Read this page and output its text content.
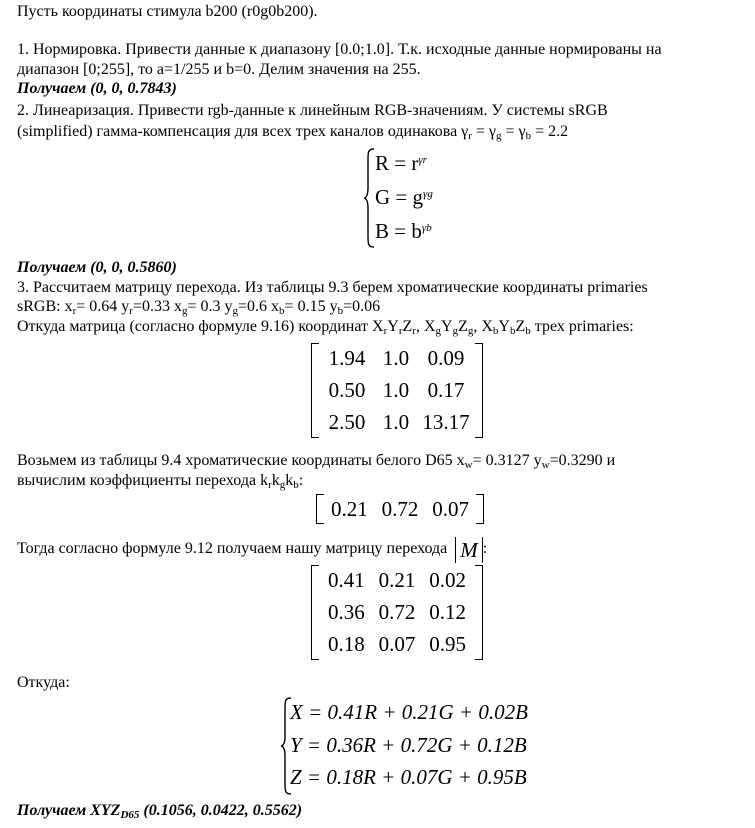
Пусть координаты стимула b200 (r0g0b200).
1. Нормировка. Привести данные к диапазону [0.0;1.0]. Т.к. исходные данные нормированы на
диапазон [0;255], то a=1/255 и b=0. Делим значения на 255.
Получаем (0, 0, 0.7843)
2. Линеаризация. Привести rgb-данные к линейным RGB-значениям. У системы sRGB
(simplified) гамма-компенсация для всех трех каналов одинакова $\gamma_r = \gamma_g = \gamma_b = 2.2$
$R = r^{\gamma r}$
$G = g^{\gamma g}$
$B = b^{\gamma b}$
Получаем (0, 0, 0.5860)
3. Рассчитаем матрицу перехода. Из таблицы 9.3 берем хроматические координаты primaries
sRGB: $x_r= 0.64$ $y_r=0.33$ $x_g= 0.3$ $y_g=0.6$ $x_b= 0.15$ $y_b=0.06$
Откуда матрица (согласно формуле 9.16) координат $X_rY_rZ_r$, $X_gY_gZ_g$, $X_bY_bZ_b$ трех primaries:
1.94 1.0 0.09
0.50 1.0 0.17
2.50 1.0 13.17
Возьмем из таблицы 9.4 хроматические координаты белого D65 $x_w= 0.3127$ $y_w=0.3290$ и
вычислим коэффициенты перехода $k_rk_gk_b$:
0.21 0.72 0.07
Тогда согласно формуле 9.12 получаем нашу матрицу перехода M :
0.41 0.21 0.02
0.36 0.72 0.12
0.18 0.07 0.95
Откуда:
X = 0.41R + 0.21G + 0.02B
Y = 0.36R + 0.72G + 0.12B
Z = 0.18R + 0.07G + 0.95B
Получаем $XYZ_{D65}$ (0.1056, 0.0422, 0.5562)
